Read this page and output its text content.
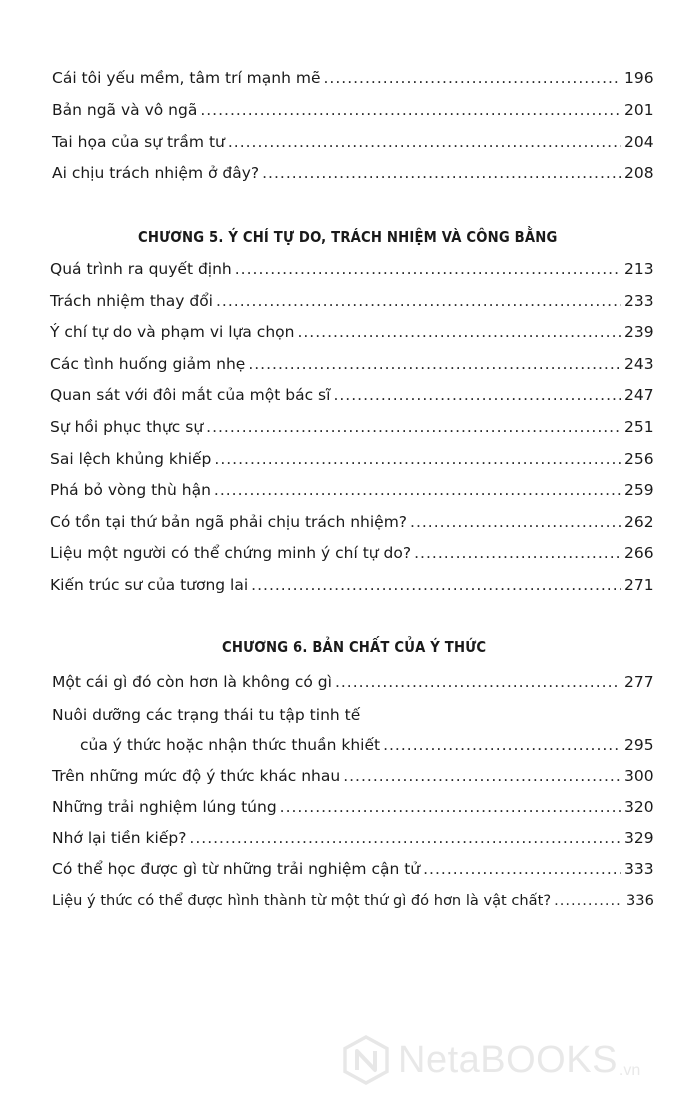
Cái tôi yếu mềm, tâm trí mạnh mẽ .....	196
Bản ngã và vô ngã .....	201
Tai họa của sự trầm tư .....	204
Ai chịu trách nhiệm ở đây? .....	208
CHƯƠNG 5. Ý CHÍ TỰ DO, TRÁCH NHIỆM VÀ CÔNG BẰNG
Quá trình ra quyết định .....	213
Trách nhiệm thay đổi .....	233
Ý chí tự do và phạm vi lựa chọn .....	239
Các tình huống giảm nhẹ .....	243
Quan sát với đôi mắt của một bác sĩ .....	247
Sự hồi phục thực sự .....	251
Sai lệch khủng khiếp .....	256
Phá bỏ vòng thù hận .....	259
Có tồn tại thứ bản ngã phải chịu trách nhiệm? .....	262
Liệu một người có thể chứng minh ý chí tự do? .....	266
Kiến trúc sư của tương lai .....	271
CHƯƠNG 6. BẢN CHẤT CỦA Ý THỨC
Một cái gì đó còn hơn là không có gì .....	277
Nuôi dưỡng các trạng thái tu tập tinh tế
của ý thức hoặc nhận thức thuần khiết .....	295
Trên những mức độ ý thức khác nhau .....	300
Những trải nghiệm lúng túng .....	320
Nhớ lại tiền kiếp? .....	329
Có thể học được gì từ những trải nghiệm cận tử .....	333
Liệu ý thức có thể được hình thành từ một thứ gì đó hơn là vật chất? .....	336
NetaBOOKS .vn
